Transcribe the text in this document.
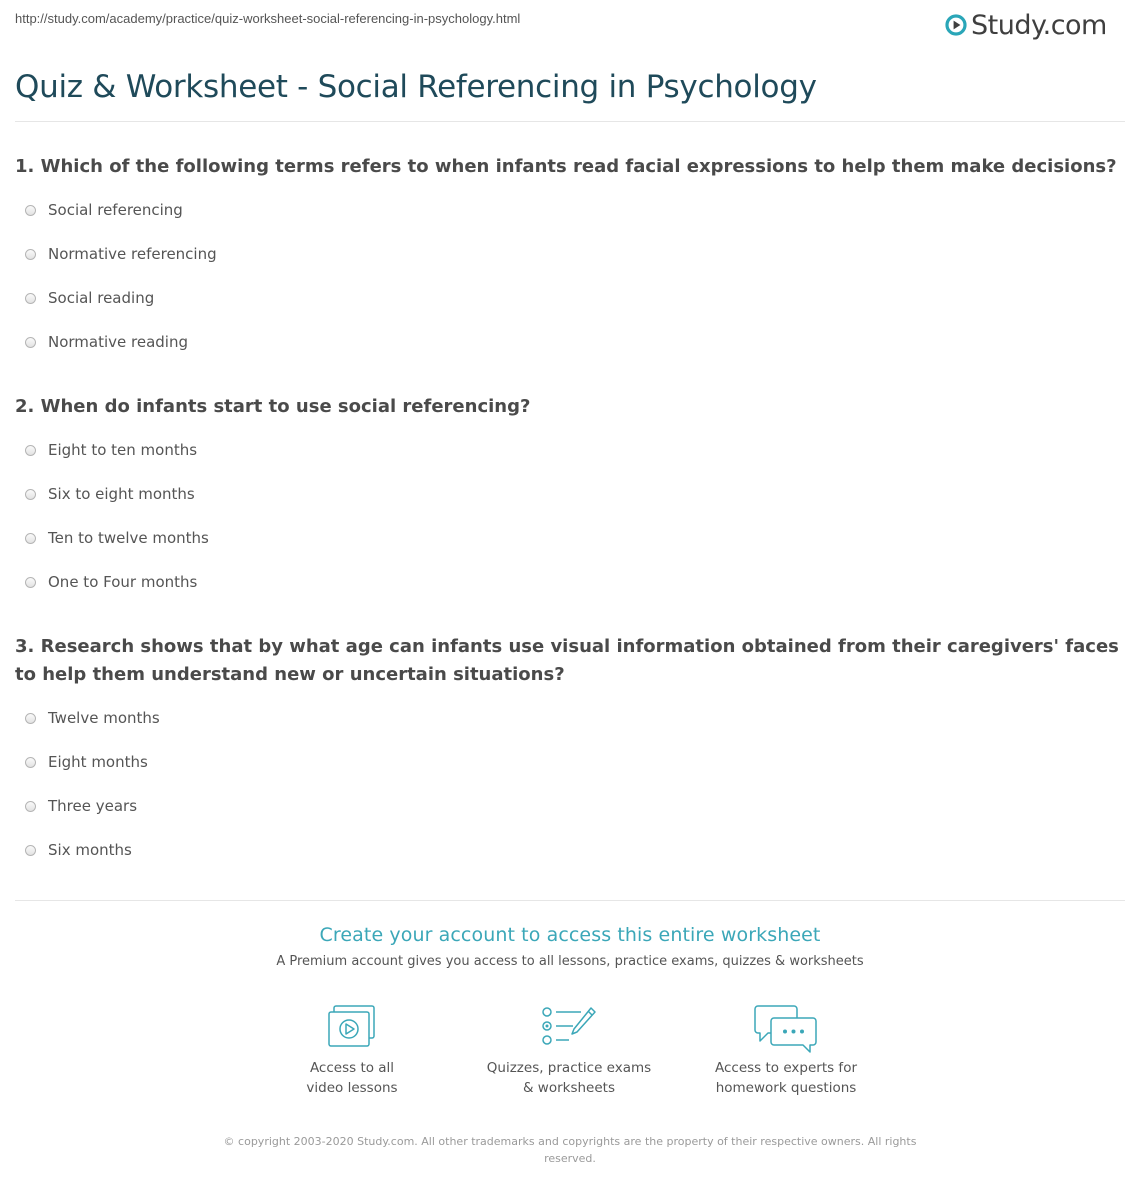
http://study.com/academy/practice/quiz-worksheet-social-referencing-in-psychology.html	Study.com
Quiz & Worksheet - Social Referencing in Psychology
1. Which of the following terms refers to when infants read facial expressions to help them make decisions?
Social referencing
Normative referencing
Social reading
Normative reading
2. When do infants start to use social referencing?
Eight to ten months
Six to eight months
Ten to twelve months
One to Four months
3. Research shows that by what age can infants use visual information obtained from their caregivers' faces to help them understand new or uncertain situations?
Twelve months
Eight months
Three years
Six months
Create your account to access this entire worksheet
A Premium account gives you access to all lessons, practice exams, quizzes & worksheets
Access to all
video lessons
Quizzes, practice exams
& worksheets
Access to experts for
homework questions
© copyright 2003-2020 Study.com. All other trademarks and copyrights are the property of their respective owners. All rights reserved.
